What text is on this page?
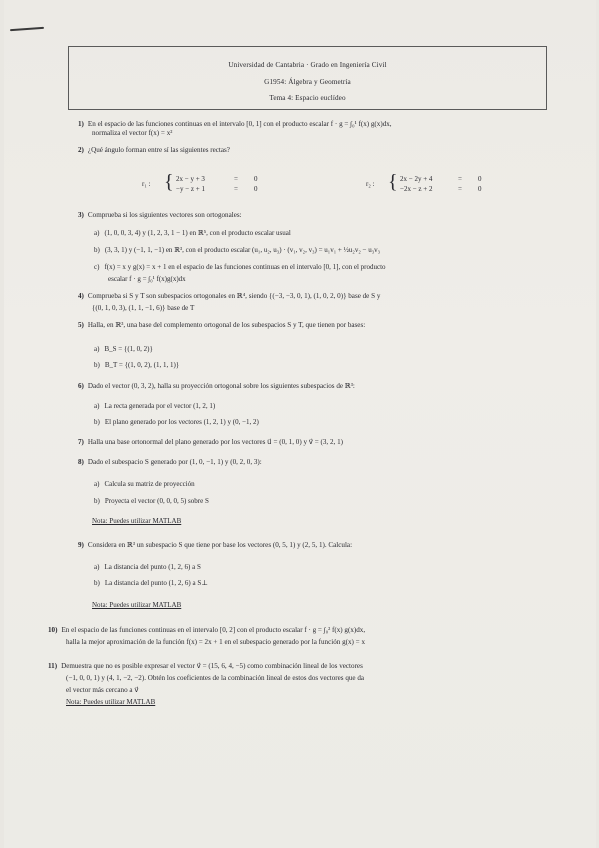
Universidad de Cantabria · Grado en Ingeniería Civil
G1954: Álgebra y Geometría
Tema 4: Espacio euclídeo
1) En el espacio de las funciones continuas en el intervalo [0, 1] con el producto escalar f · g = ∫₀¹ f(x) g(x)dx,
normaliza el vector f(x) = x²
2) ¿Qué ángulo forman entre sí las siguientes rectas?
r₁ : { 2x − y + 3	= 0
−y − z + 1	= 0
r₂ : { 2x − 2y + 4	= 0
−2x − z + 2	= 0
3) Comprueba si los siguientes vectores son ortogonales:
a) (1, 0, 0, 3, 4) y (1, 2, 3, 1 − 1) en ℝ⁵, con el producto escalar usual
b) (3, 3, 1) y (−1, 1, −1) en ℝ³, con el producto escalar (u₁, u₂, u₃) · (v₁, v₂, v₃) = u₁v₁ + ½u₂v₂ − u₃v₃
c) f(x) = x y g(x) = x + 1 en el espacio de las funciones continuas en el intervalo [0, 1], con el producto
escalar f · g = ∫₀¹ f(x)g(x)dx
4) Comprueba si S y T son subespacios ortogonales en ℝ⁴, siendo {(−3, −3, 0, 1), (1, 0, 2, 0)} base de S y
{(0, 1, 0, 3), (1, 1, −1, 6)} base de T
5) Halla, en ℝ³, una base del complemento ortogonal de los subespacios S y T, que tienen por bases:
a) B_S = {(1, 0, 2)}
b) B_T = {(1, 0, 2), (1, 1, 1)}
6) Dado el vector (0, 3, 2), halla su proyección ortogonal sobre los siguientes subespacios de ℝ³:
a) La recta generada por el vector (1, 2, 1)
b) El plano generado por los vectores (1, 2, 1) y (0, −1, 2)
7) Halla una base ortonormal del plano generado por los vectores u⃗ = (0, 1, 0) y v⃗ = (3, 2, 1)
8) Dado el subespacio S generado por (1, 0, −1, 1) y (0, 2, 0, 3):
a) Calcula su matriz de proyección
b) Proyecta el vector (0, 0, 0, 5) sobre S
Nota: Puedes utilizar MATLAB
9) Considera en ℝ³ un subespacio S que tiene por base los vectores (0, 5, 1) y (2, 5, 1). Calcula:
a) La distancia del punto (1, 2, 6) a S
b) La distancia del punto (1, 2, 6) a S⊥
Nota: Puedes utilizar MATLAB
10) En el espacio de las funciones continuas en el intervalo [0, 2] con el producto escalar f · g = ∫₀² f(x) g(x)dx,
halla la mejor aproximación de la función f(x) = 2x + 1 en el subespacio generado por la función g(x) = x
11) Demuestra que no es posible expresar el vector v⃗ = (15, 6, 4, −5) como combinación lineal de los vectores
(−1, 0, 0, 1) y (4, 1, −2, −2). Obtén los coeficientes de la combinación lineal de estos dos vectores que da
el vector más cercano a v⃗
Nota: Puedes utilizar MATLAB
